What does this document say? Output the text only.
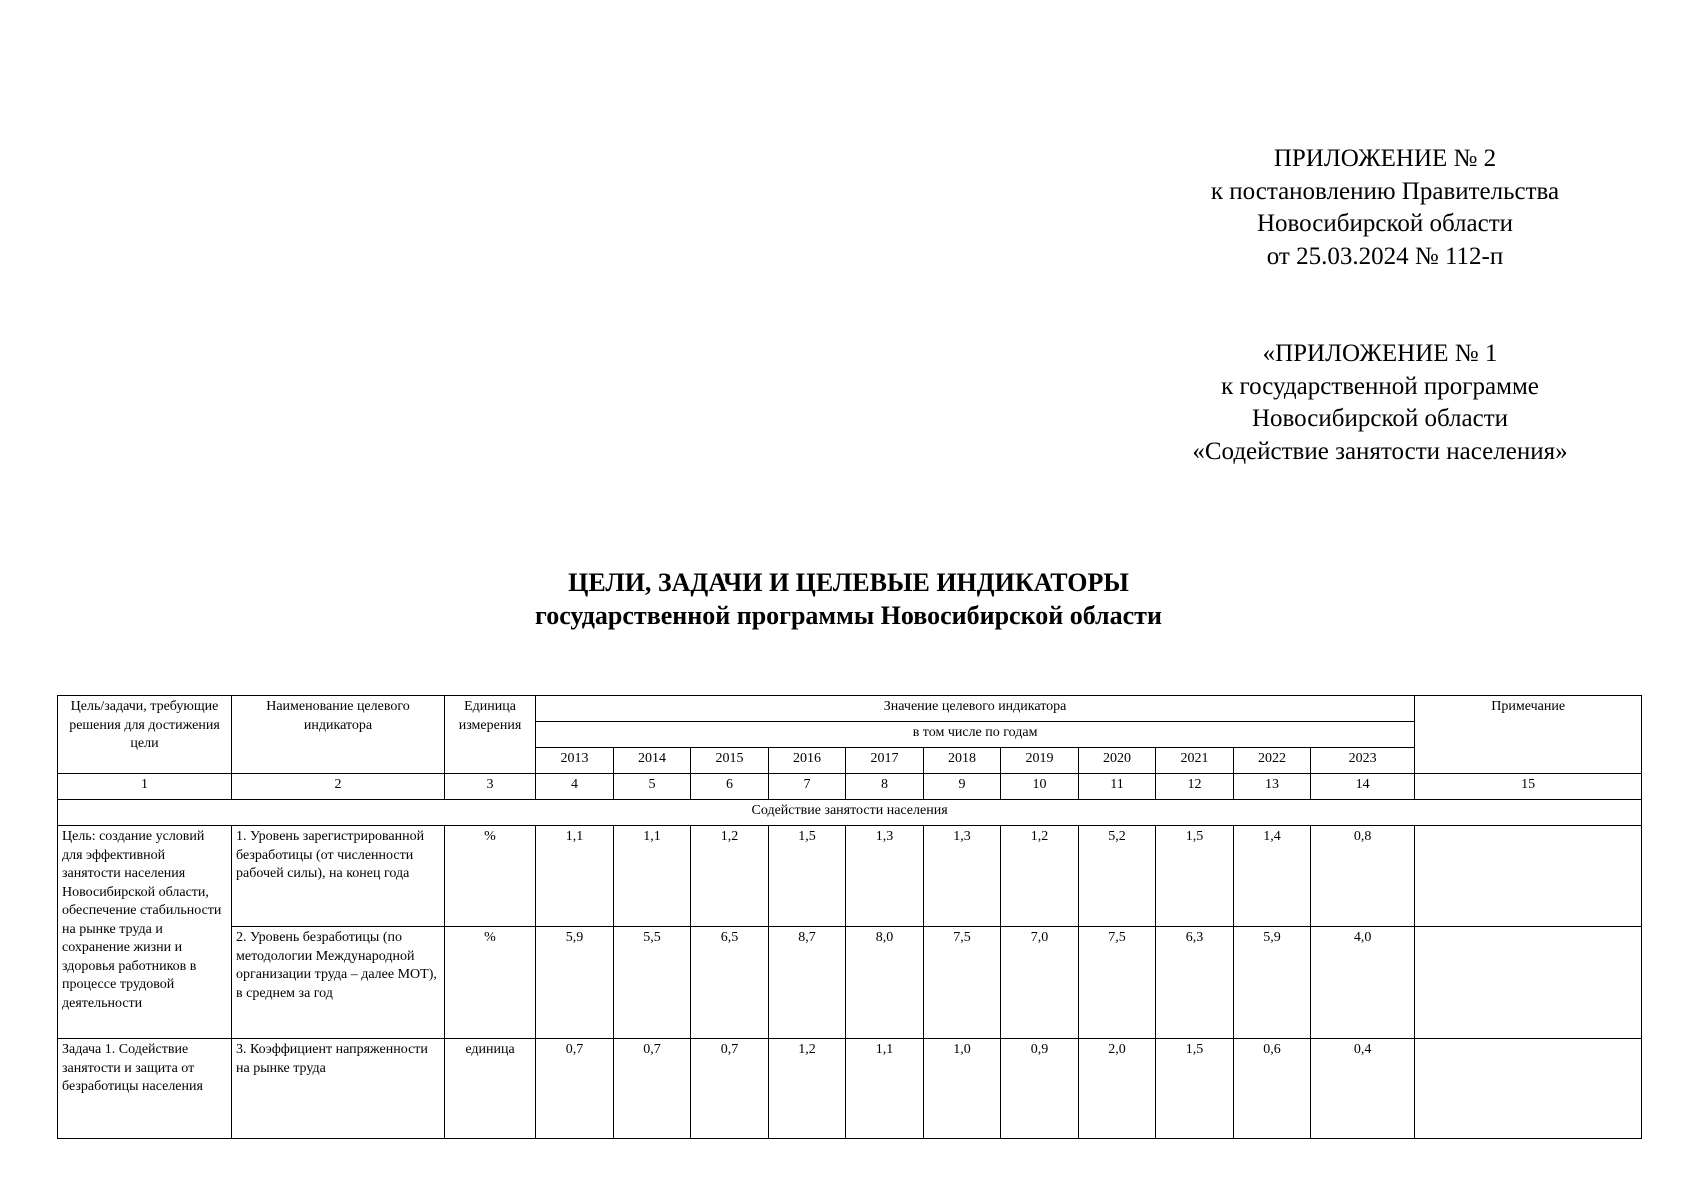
ПРИЛОЖЕНИЕ № 2
к постановлению Правительства
Новосибирской области
от 25.03.2024 № 112-п
«ПРИЛОЖЕНИЕ № 1
к государственной программе
Новосибирской области
«Содействие занятости населения»
ЦЕЛИ, ЗАДАЧИ И ЦЕЛЕВЫЕ ИНДИКАТОРЫ
государственной программы Новосибирской области
Цель/задачи, требующие решения для достижения цели	Наименование целевого индикатора	Единица измерения	Значение целевого индикатора											Примечание
			в том числе по годам											
			2013	2014	2015	2016	2017	2018	2019	2020	2021	2022	2023	
1	2	3	4	5	6	7	8	9	10	11	12	13	14	15
Содействие занятости населения														
Цель: создание условий для эффективной занятости населения Новосибирской области, обеспечение стабильности на рынке труда и сохранение жизни и здоровья работников в процессе трудовой деятельности	1. Уровень зарегистрированной безработицы (от численности рабочей силы), на конец года	%	1,1	1,1	1,2	1,5	1,3	1,3	1,2	5,2	1,5	1,4	0,8	
	2. Уровень безработицы (по методологии Международной организации труда – далее МОТ), в среднем за год	%	5,9	5,5	6,5	8,7	8,0	7,5	7,0	7,5	6,3	5,9	4,0	
Задача 1. Содействие занятости и защита от безработицы населения	3. Коэффициент напряженности на рынке труда	единица	0,7	0,7	0,7	1,2	1,1	1,0	0,9	2,0	1,5	0,6	0,4	
